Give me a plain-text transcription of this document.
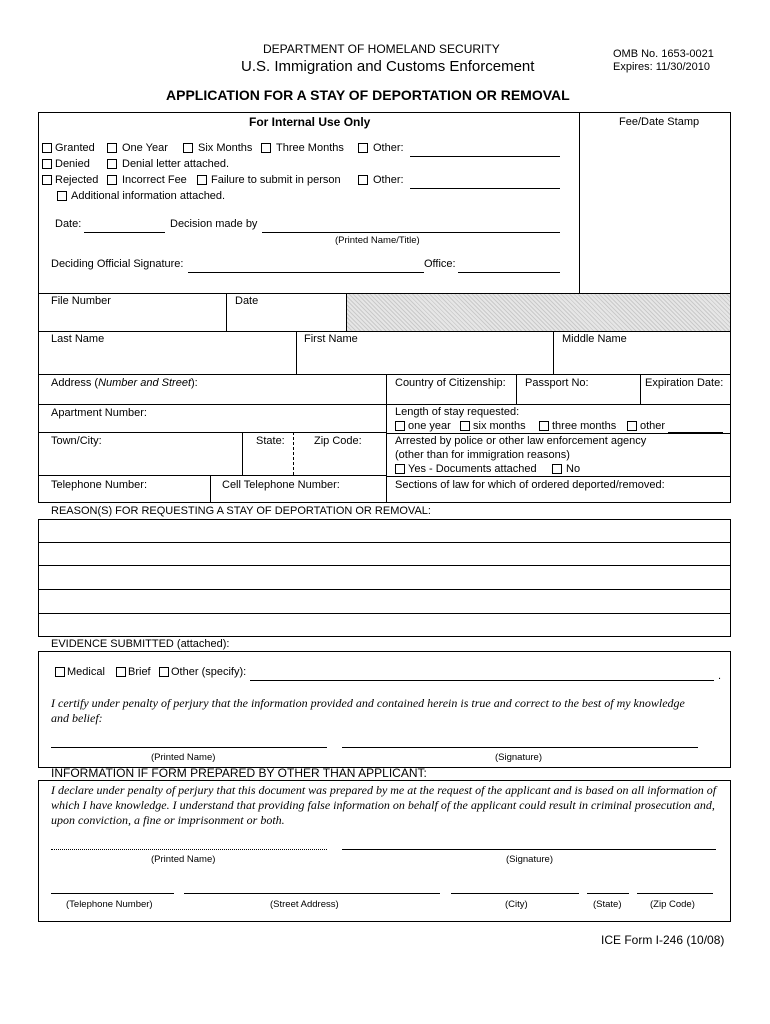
DEPARTMENT OF HOMELAND SECURITY
U.S. Immigration and Customs Enforcement
OMB No. 1653-0021
Expires: 11/30/2010
APPLICATION FOR A STAY OF DEPORTATION OR REMOVAL
For Internal Use Only	Fee/Date Stamp
Granted One Year	Six Months Three Months	Other:
Denied	Denial letter attached.
Rejected Incorrect Fee Failure to submit in person	Other:
Additional information attached.
Date:	Decision made by
(Printed Name/Title)
Deciding Official Signature:	Office:
File Number	Date
Last Name	First Name	Middle Name
Address (Number and Street):	Country of Citizenship: Passport No:	Expiration Date:
Apartment Number:	Length of stay requested:
one year six months three months other
Town/City:	State:	Zip Code:	Arrested by police or other law enforcement agency
(other than for immigration reasons)
Yes - Documents attached	No
Telephone Number:	Cell Telephone Number:	Sections of law for which of ordered deported/removed:
REASON(S) FOR REQUESTING A STAY OF DEPORTATION OR REMOVAL:
EVIDENCE SUBMITTED (attached):
Medical Brief Other (specify):	.
I certify under penalty of perjury that the information provided and contained herein is true and correct to the best of my knowledge and belief:
(Printed Name)	(Signature)
INFORMATION IF FORM PREPARED BY OTHER THAN APPLICANT:
I declare under penalty of perjury that this document was prepared by me at the request of the applicant and is based on all information of which I have knowledge. I understand that providing false information on behalf of the applicant could result in criminal prosecution and, upon conviction, a fine or imprisonment or both.
(Printed Name)	(Signature)
(Telephone Number)	(Street Address)	(City)	(State)	(Zip Code)
ICE Form I-246 (10/08)
